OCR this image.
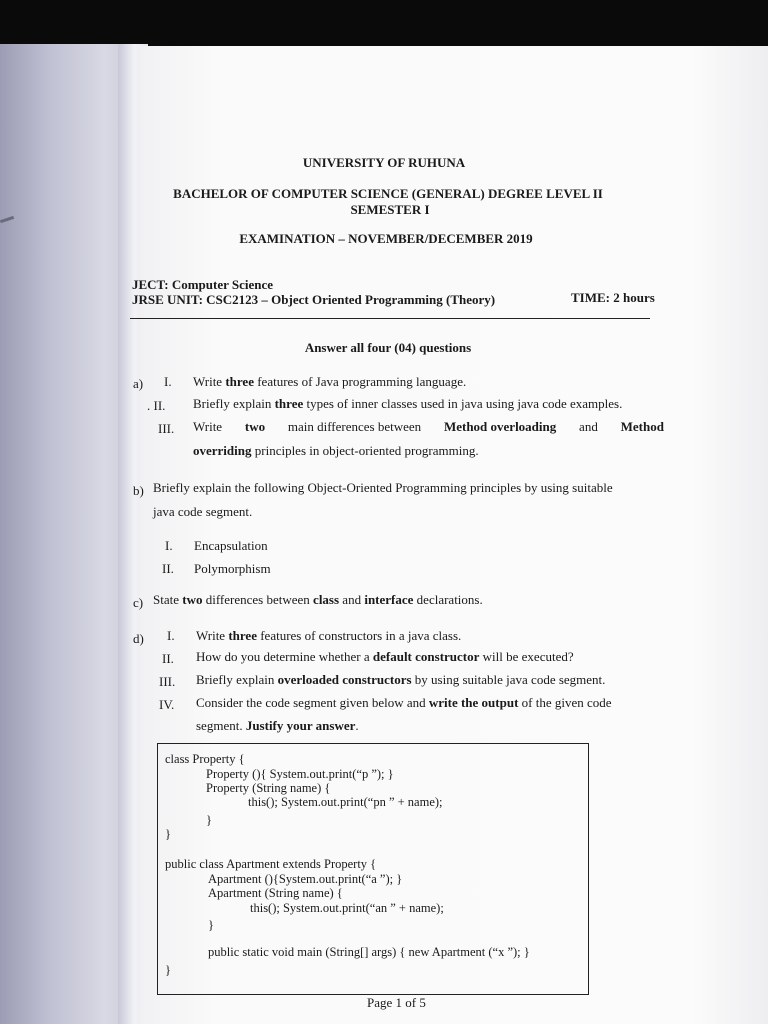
UNIVERSITY OF RUHUNA
BACHELOR OF COMPUTER SCIENCE (GENERAL) DEGREE LEVEL II
SEMESTER I
EXAMINATION – NOVEMBER/DECEMBER 2019
JECT: Computer Science
JRSE UNIT: CSC2123 – Object Oriented Programming (Theory)	TIME: 2 hours
Answer all four (04) questions
a) I. Write three features of Java programming language.
. II. Briefly explain three types of inner classes used in java using java code examples.
III. Write two main differences between Method overloading and Method
overriding principles in object-oriented programming.
b) Briefly explain the following Object-Oriented Programming principles by using suitable
java code segment.
I. Encapsulation
II. Polymorphism
c) State two differences between class and interface declarations.
d) I. Write three features of constructors in a java class.
II. How do you determine whether a default constructor will be executed?
III. Briefly explain overloaded constructors by using suitable java code segment.
IV. Consider the code segment given below and write the output of the given code
segment. Justify your answer.
class Property {
Property (){ System.out.print(“p ”); }
Property (String name) {
this(); System.out.print(“pn ” + name);
}
}
public class Apartment extends Property {
Apartment (){System.out.print(“a ”); }
Apartment (String name) {
this(); System.out.print(“an ” + name);
}
public static void main (String[] args) { new Apartment (“x ”); }
}
Page 1 of 5
